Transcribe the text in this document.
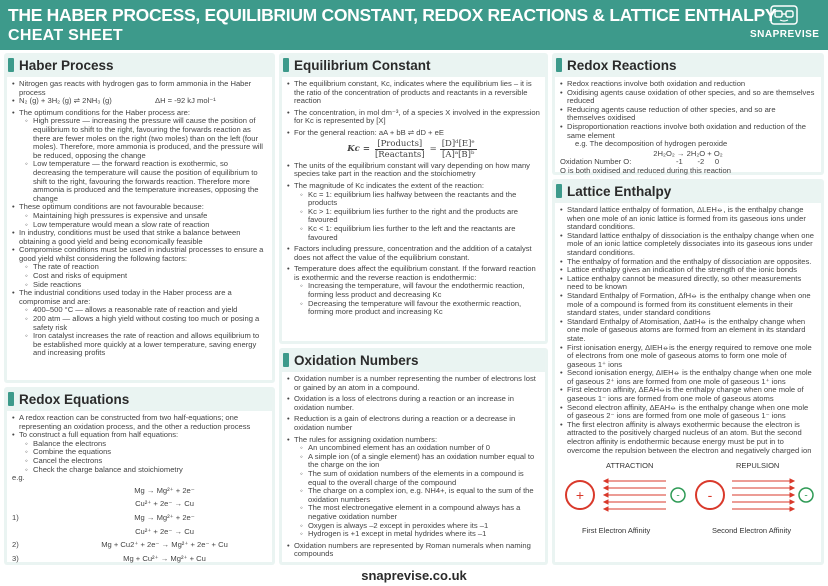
THE HABER PROCESS, EQUILIBRIUM CONSTANT, REDOX REACTIONS & LATTICE ENTHALPY
CHEAT SHEET	SNAPREVISE
Haber Process
• Nitrogen gas reacts with hydrogen gas to form ammonia in the Haber process
• N₂ (g) + 3H₂ (g) ⇌ 2NH₃ (g)	ΔH = -92 kJ mol⁻¹
• The optimum conditions for the Haber process are:
◦ High pressure — increasing the pressure will cause the position of equilibrium to shift to the right, favouring the forwards reaction as there are fewer moles on the right (two moles) than on the left (four moles). Therefore, more ammonia is produced, and the pressure will be reduced, opposing the change
◦ Low temperature — the forward reaction is exothermic, so decreasing the temperature will cause the position of equilibrium to shift to the right, favouring the forwards reaction. Therefore more ammonia is produced and the temperature increases, opposing the change
• These optimum conditions are not favourable because:
◦ Maintaining high pressures is expensive and unsafe
◦ Low temperature would mean a slow rate of reaction
• In industry, conditions must be used that strike a balance between obtaining a good yield and being economically feasible
• Compromise conditions must be used in industrial processes to ensure a good yield whilst considering the following factors:
◦ The rate of reaction
◦ Cost and risks of equipment
◦ Side reactions
• The industrial conditions used today in the Haber process are a compromise and are:
◦ 400–500 °C — allows a reasonable rate of reaction and yield
◦ 200 atm — allows a high yield without costing too much or posing a safety risk
◦ Iron catalyst increases the rate of reaction and allows equilibrium to be established more quickly at a lower temperature, saving energy and increasing profits
Redox Equations
• A redox reaction can be constructed from two half-equations; one representing an oxidation process, and the other a reduction process
• To construct a full equation from half equations:
◦ Balance the electrons
◦ Combine the equations
◦ Cancel the electrons
◦ Check the charge balance and stoichiometry
e.g.
Mg → Mg²⁺ + 2e⁻
Cu²⁺ + 2e⁻ → Cu
1)	Mg → Mg²⁺ + 2e⁻
Cu²⁺ + 2e⁻ → Cu
2)	Mg + Cu2⁺ + 2e⁻ → Mg²⁺ + 2e⁻ + Cu
3)	Mg + Cu²⁺ → Mg²⁺ + Cu
Equilibrium Constant
• The equilibrium constant, Kc, indicates where the equilibrium lies – it is the ratio of the concentration of products and reactants in a reversible reaction
• The concentration, in mol dm⁻³, of a species X involved in the expression for Kc is represented by [X]
• For the general reaction: aA + bB ⇌ dD + eE
$Kc = \frac{\text{[Products]}}{\text{[Reactants]}} = \frac{\text{[D]ᵈ[E]ᵉ}}{\text{[A]ᵃ[B]ᵇ}}$
• The units of the equilibrium constant will vary depending on how many species take part in the reaction and the stoichiometry
• The magnitude of Kc indicates the extent of the reaction:
◦ Kc = 1: equilibrium lies halfway between the reactants and the products
◦ Kc > 1: equilibrium lies further to the right and the products are favoured
◦ Kc < 1: equilibrium lies further to the left and the reactants are favoured
• Factors including pressure, concentration and the addition of a catalyst does not affect the value of the equilibrium constant.
• Temperature does affect the equilibrium constant. If the forward reaction is exothermic and the reverse reaction is endothermic:
◦ Increasing the temperature, will favour the endothermic reaction, forming less product and decreasing Kc
◦ Decreasing the temperature will favour the exothermic reaction, forming more product and increasing Kc
Oxidation Numbers
• Oxidation number is a number representing the number of electrons lost or gained by an atom in a compound.
• Oxidation is a loss of electrons during a reaction or an increase in oxidation number.
• Reduction is a gain of electrons during a reaction or a decrease in oxidation number
• The rules for assigning oxidation numbers:
◦ An uncombined element has an oxidation number of 0
◦ A simple ion (of a single element) has an oxidation number equal to the charge on the ion
◦ The sum of oxidation numbers of the elements in a compound is equal to the overall charge of the compound
◦ The charge on a complex ion, e.g. NH4+, is equal to the sum of the oxidation numbers
◦ The most electronegative element in a compound always has a negative oxidation number
◦ Oxygen is always –2 except in peroxides where its –1
◦ Hydrogen is +1 except in metal hydrides where its –1
• Oxidation numbers are represented by Roman numerals when naming compounds
Redox Reactions
• Redox reactions involve both oxidation and reduction
• Oxidising agents cause oxidation of other species, and so are themselves reduced
• Reducing agents cause reduction of other species, and so are themselves oxidised
• Disproportionation reactions involve both oxidation and reduction of the same element
e.g. The decomposition of hydrogen peroxide
2H₂O₂ → 2H₂O + O₂
Oxidation Number O:	-1       -2     0
O is both oxidised and reduced during this reaction
Lattice Enthalpy
• Standard lattice enthalpy of formation, ΔLEH⦵, is the enthalpy change when one mole of an ionic lattice is formed from its gaseous ions under standard conditions.
• Standard lattice enthalpy of dissociation is the enthalpy change when one mole of an ionic lattice completely dissociates into its gaseous ions under standard conditions.
• The enthalpy of formation and the enthalpy of dissociation are opposites.
• Lattice enthalpy gives an indication of the strength of the ionic bonds
• Lattice enthalpy cannot be measured directly, so other measurements need to be known
• Standard Enthalpy of Formation, ΔfH⦵ is the enthalpy change when one mole of a compound is formed from its constituent elements in their standard states, under standard conditions
• Standard Enthalpy of Atomisation, ΔatH⦵ is the enthalpy change when one mole of gaseous atoms are formed from an element in its standard state.
• First ionisation energy, ΔIEH⦵is the energy required to remove one mole of electrons from one mole of gaseous atoms to form one mole of gaseous 1⁺ ions
• Second ionisation energy, ΔIEH⦵ is the enthalpy change when one mole of gaseous 2⁺ ions are formed from one mole of gaseous 1⁺ ions
• First electron affinity, ΔEAH⦵is the enthalpy change when one mole of gaseous 1⁻ ions are formed from one mole of gaseous atoms
• Second electron affinity, ΔEAH⦵ is the enthalpy change when one mole of gaseous 2⁻ ions are formed from one mole of gaseous 1⁻ ions
• The first electron affinity is always exothermic because the electron is attracted to the positively charged nucleus of an atom. But the second electron affinity is endothermic because energy must be put in to overcome the repulsion between the electron and negatively charged ion
ATTRACTION	REPULSION
+	- -	-
First Electron Affinity	Second Electron Affinity
snaprevise.co.uk
